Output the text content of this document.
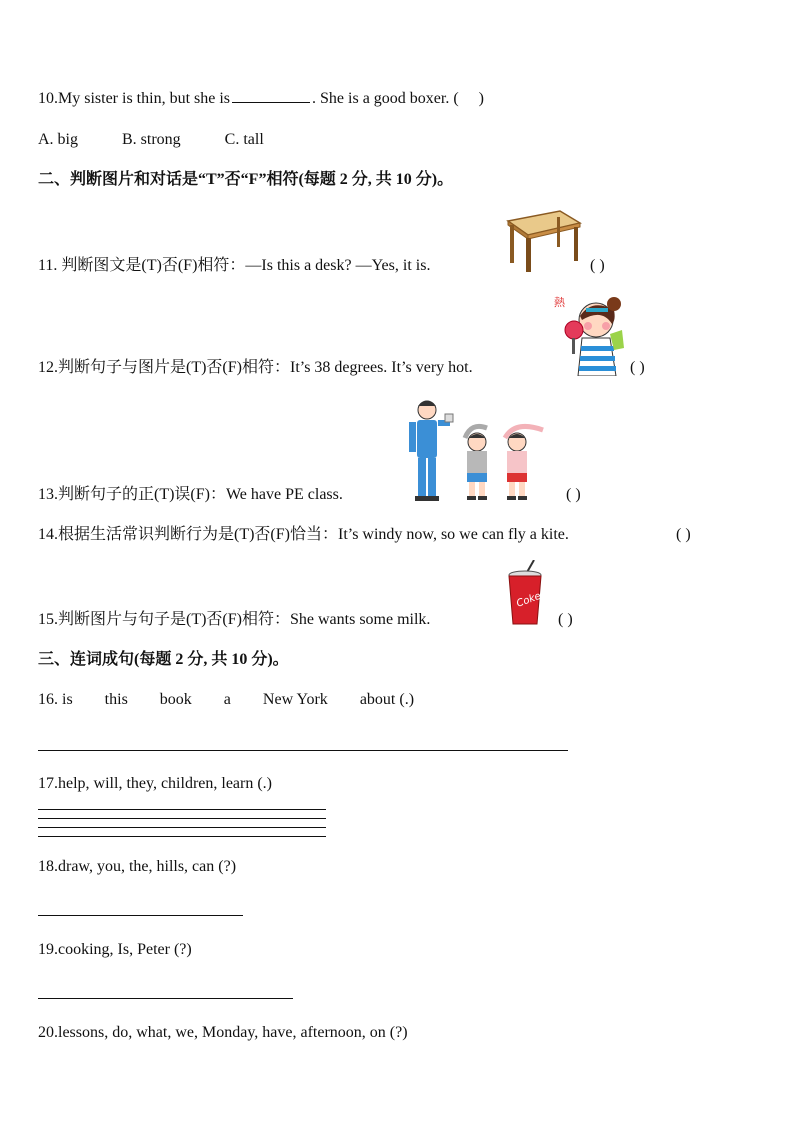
10.My sister is thin, but she is	. She is a good boxer. ( )
A. big	B. strong	C. tall
二、判断图片和对话是“T”否“F”相符(每题 2 分, 共 10 分)。
11. 判断图文是(T)否(F)相符：—Is this a desk? —Yes, it is.	( )
12.判断句子与图片是(T)否(F)相符：It’s 38 degrees. It’s very hot.	( )
熱
13.判断句子的正(T)误(F)：We have PE class.	( )
14.根据生活常识判断行为是(T)否(F)恰当：It’s windy now, so we can fly a kite.	( )
15.判断图片与句子是(T)否(F)相符：She wants some milk.	( )
Coke
三、连词成句(每题 2 分, 共 10 分)。
16. is this book a New York about (.)
17.help, will, they, children, learn (.)
18.draw, you, the, hills, can (?)
19.cooking, Is, Peter (?)
20.lessons, do, what, we, Monday, have, afternoon, on (?)
